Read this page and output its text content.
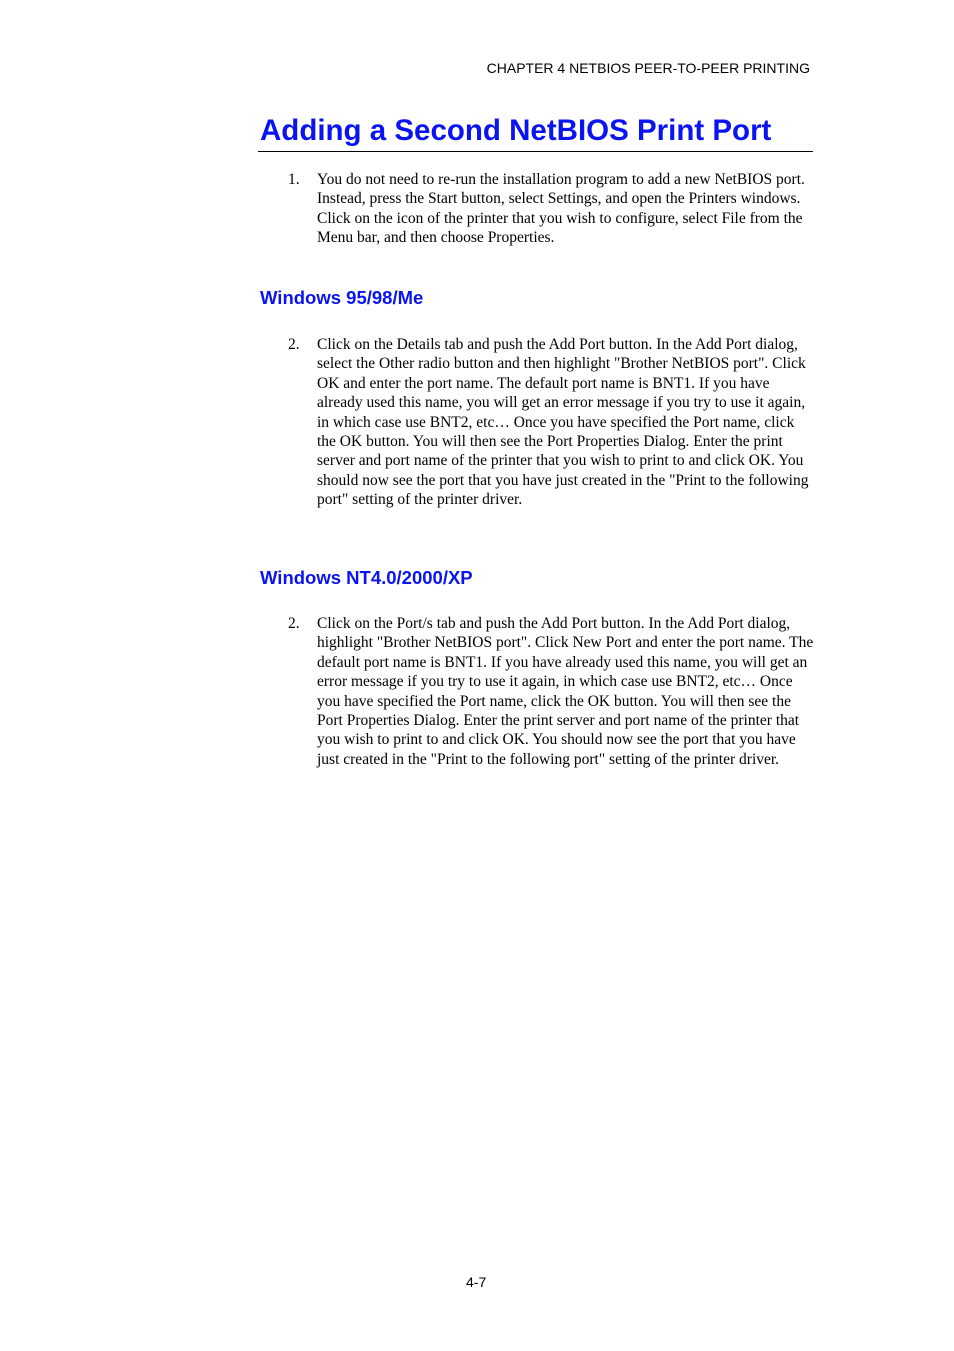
CHAPTER 4 NETBIOS PEER-TO-PEER PRINTING
Adding a Second NetBIOS Print Port
1. You do not need to re-run the installation program to add a new NetBIOS port. Instead, press the Start button, select Settings, and open the Printers windows. Click on the icon of the printer that you wish to configure, select File from the Menu bar, and then choose Properties.
Windows 95/98/Me
2. Click on the Details tab and push the Add Port button. In the Add Port dialog, select the Other radio button and then highlight "Brother NetBIOS port". Click OK and enter the port name. The default port name is BNT1. If you have already used this name, you will get an error message if you try to use it again, in which case use BNT2, etc… Once you have specified the Port name, click the OK button. You will then see the Port Properties Dialog. Enter the print server and port name of the printer that you wish to print to and click OK. You should now see the port that you have just created in the "Print to the following port" setting of the printer driver.
Windows NT4.0/2000/XP
2. Click on the Port/s tab and push the Add Port button. In the Add Port dialog, highlight "Brother NetBIOS port". Click New Port and enter the port name. The default port name is BNT1. If you have already used this name, you will get an error message if you try to use it again, in which case use BNT2, etc… Once you have specified the Port name, click the OK button. You will then see the Port Properties Dialog. Enter the print server and port name of the printer that you wish to print to and click OK. You should now see the port that you have just created in the "Print to the following port" setting of the printer driver.
4-7
